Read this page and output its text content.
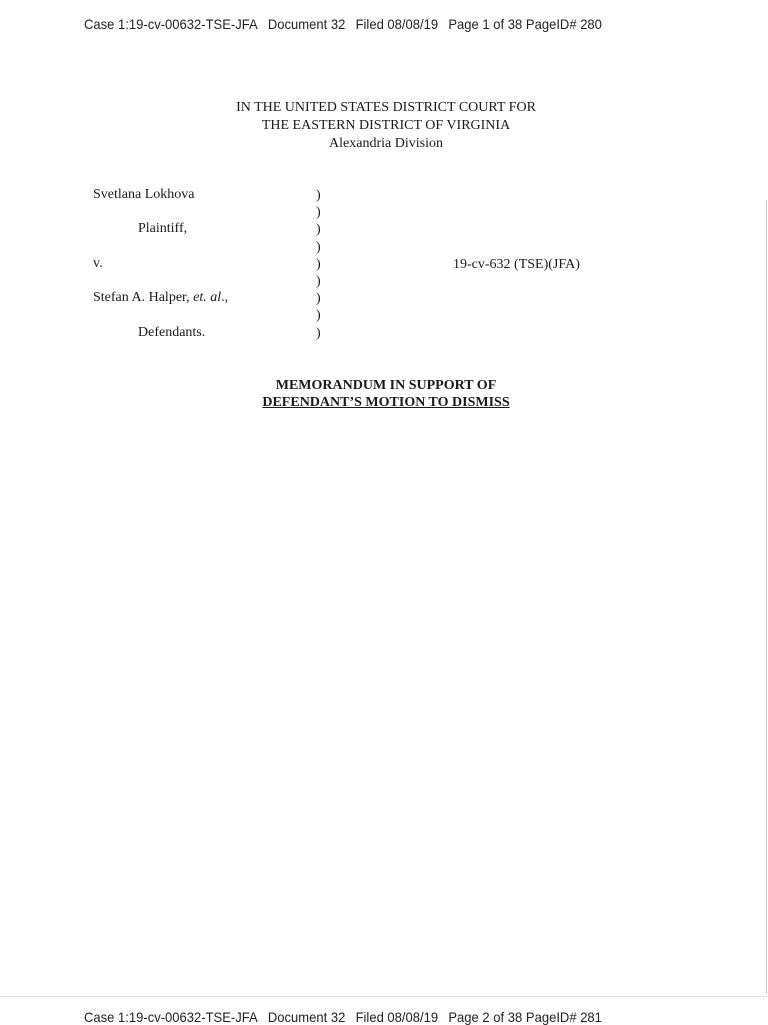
Case 1:19-cv-00632-TSE-JFA Document 32 Filed 08/08/19 Page 1 of 38 PageID# 280
IN THE UNITED STATES DISTRICT COURT FOR
THE EASTERN DISTRICT OF VIRGINIA
Alexandria Division
Svetlana Lokhova
Plaintiff,
v.
Stefan A. Halper, et. al.,
Defendants.
)
)
)
)
)
)
)
)
)
19-cv-632 (TSE)(JFA)
MEMORANDUM IN SUPPORT OF
DEFENDANT’S MOTION TO DISMISS
Case 1:19-cv-00632-TSE-JFA Document 32 Filed 08/08/19 Page 2 of 38 PageID# 281
